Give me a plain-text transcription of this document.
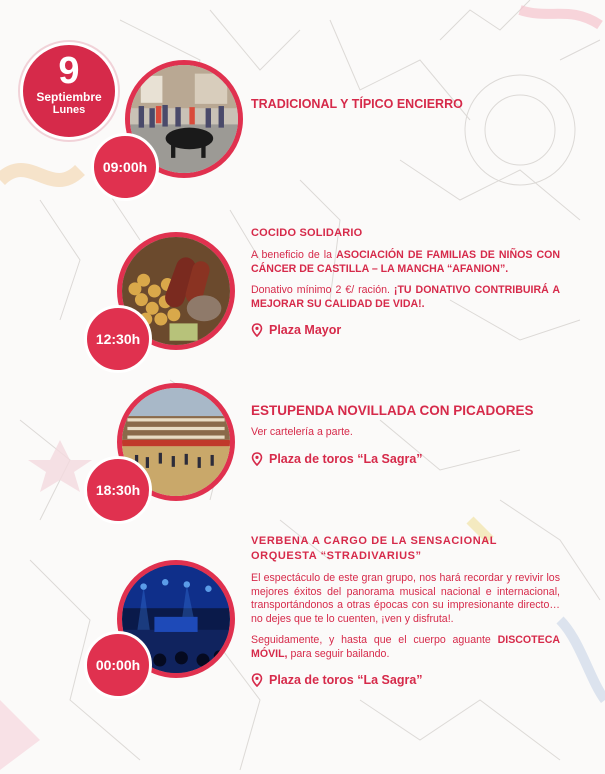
9
Septiembre
Lunes
09:00h
TRADICIONAL Y TÍPICO ENCIERRO
12:30h
COCIDO SOLIDARIO
A beneficio de la ASOCIACIÓN DE FAMILIAS DE NIÑOS CON CÁNCER DE CASTILLA – LA MANCHA “AFANION”.
Donativo mínimo 2 €/ ración. ¡TU DONATIVO CONTRIBUIRÁ A MEJORAR SU CALIDAD DE VIDA!.
Plaza Mayor
18:30h
ESTUPENDA NOVILLADA CON PICADORES
Ver cartelería a parte.
Plaza de toros “La Sagra”
00:00h
VERBENA A CARGO DE LA SENSACIONAL ORQUESTA “STRADIVARIUS”
El espectáculo de este gran grupo, nos hará recordar y revivir los mejores éxitos del panorama musical nacional e internacional, transportándonos a otras épocas con su impresionante directo… no dejes que te lo cuenten, ¡ven y disfruta!.
Seguidamente, y hasta que el cuerpo aguante DISCOTECA MÓVIL, para seguir bailando.
Plaza de toros “La Sagra”
